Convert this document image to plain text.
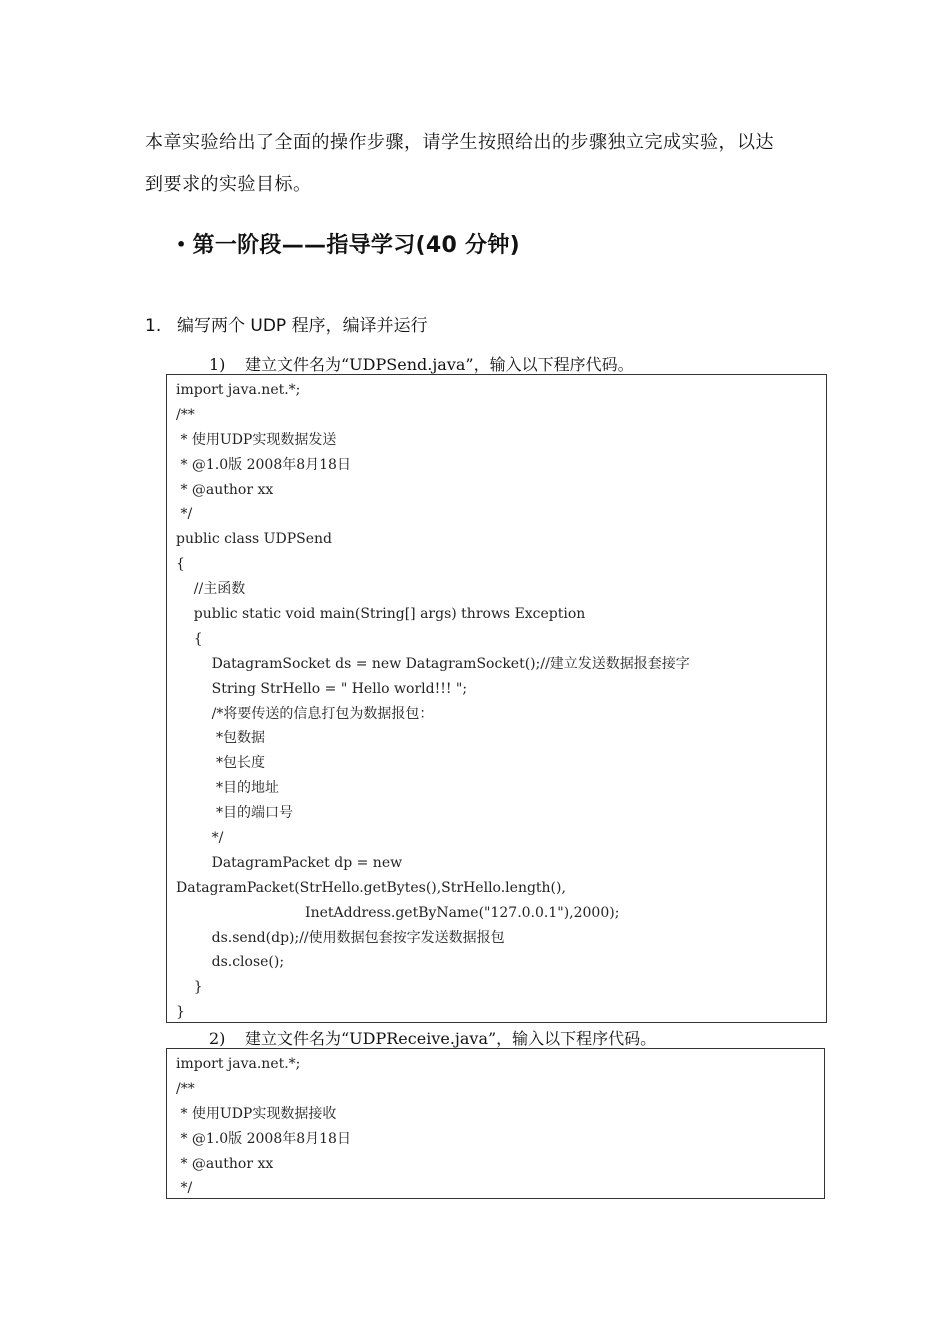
本章实验给出了全面的操作步骤，请学生按照给出的步骤独立完成实验，以达

到要求的实验目标。

• 第一阶段——指导学习(40 分钟)
1. 编写两个 UDP 程序，编译并运行
1) 建立文件名为“UDPSend.java”，输入以下程序代码。
import java.net.*;
/**
* 使用UDP实现数据发送
* @1.0版 2008年8月18日
* @author xx
*/
public class UDPSend
{
//主函数
public static void main(String[] args) throws Exception
{
DatagramSocket ds = new DatagramSocket();//建立发送数据报套接字
String StrHello = " Hello world!!! ";
/*将要传送的信息打包为数据报包：
*包数据
*包长度
*目的地址
*目的端口号
*/
DatagramPacket dp = new
DatagramPacket(StrHello.getBytes(),StrHello.length(),
InetAddress.getByName("127.0.0.1"),2000);
ds.send(dp);//使用数据包套按字发送数据报包
ds.close();
}
}
2) 建立文件名为“UDPReceive.java”，输入以下程序代码。
import java.net.*;
/**
* 使用UDP实现数据接收
* @1.0版 2008年8月18日
* @author xx
*/
